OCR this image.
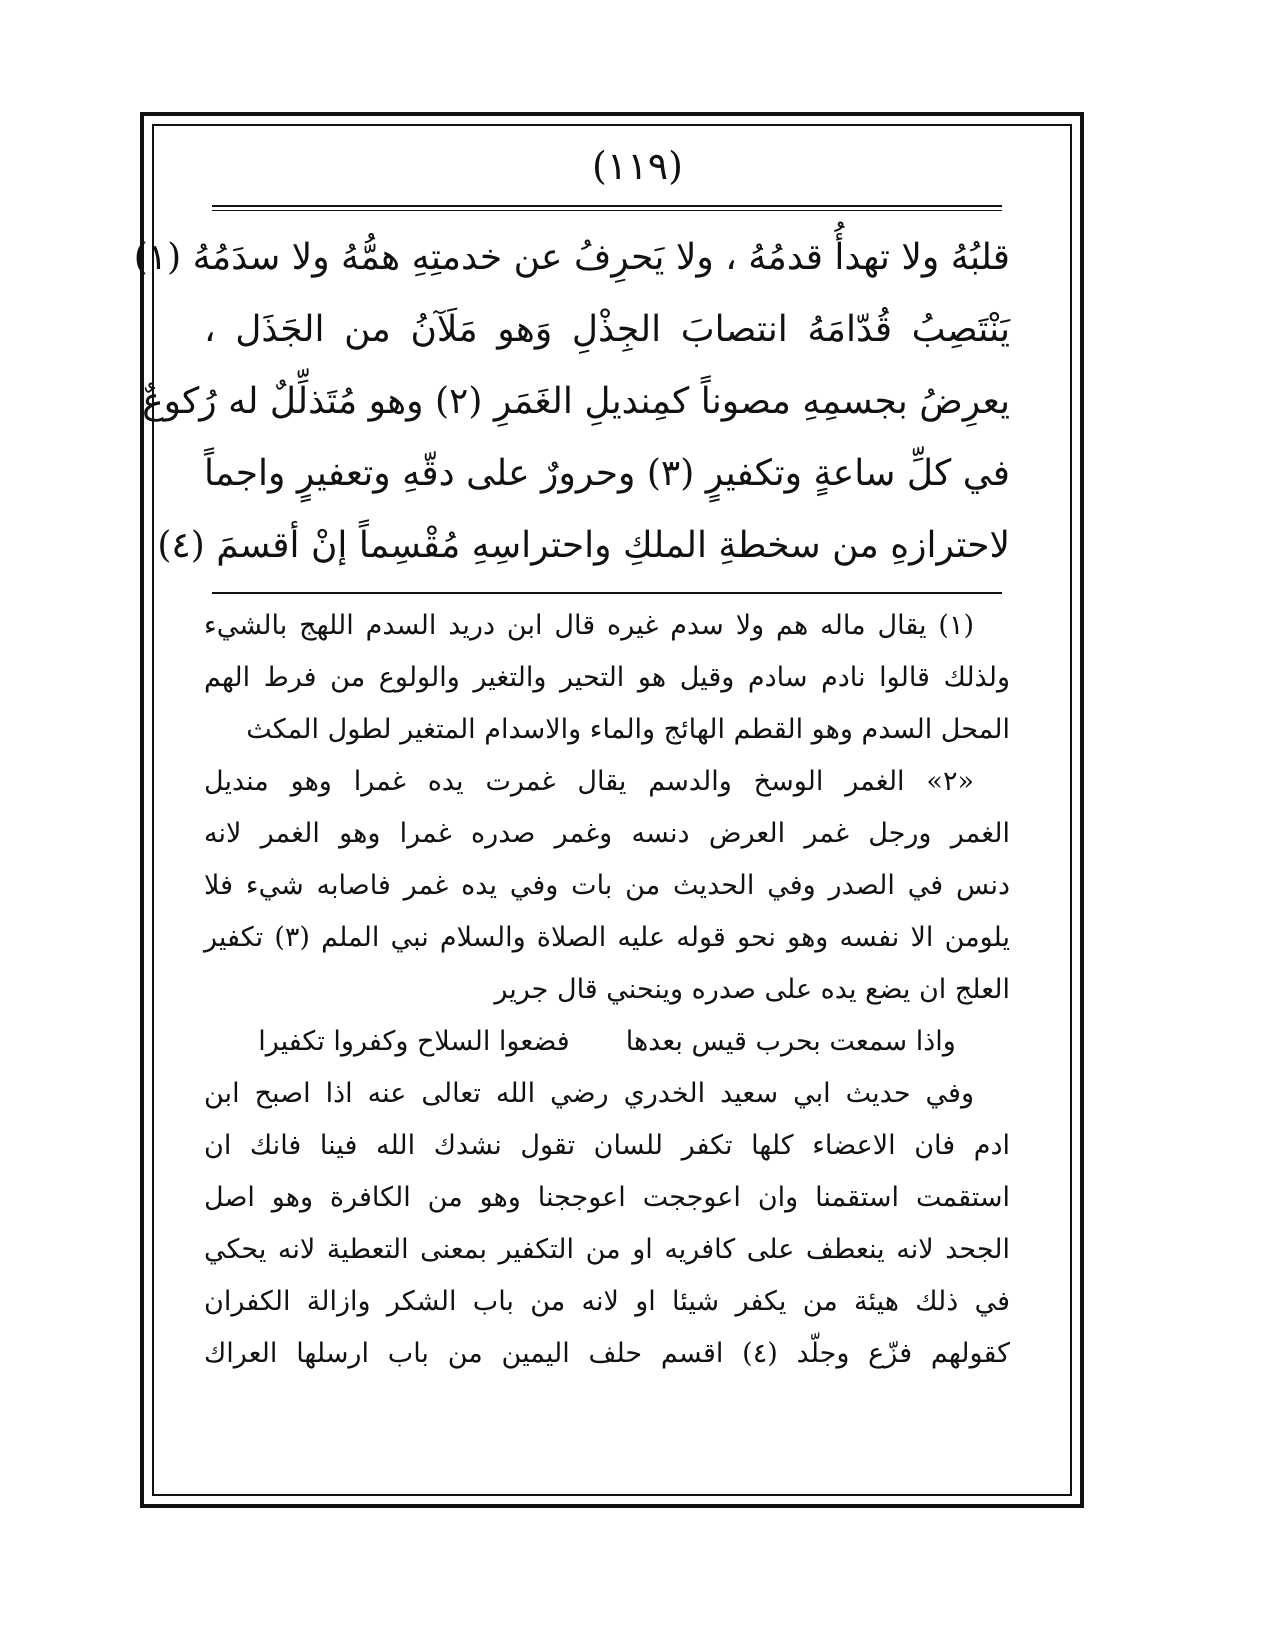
(١١٩)
قلبُهُ ولا تهدأُ قدمُهُ ، ولا يَحرِفُ عن خدمتِهِ همُّهُ ولا سدَمُهُ (١)
يَنْتَصِبُ قُدّامَهُ انتصابَ الجِذْلِ وَهو مَلَآنُ من الجَذَل ،
يعرِضُ بجسمِهِ مصوناً كمِنديلِ الغَمَرِ (٢) وهو مُتَذلِّلٌ له رُكوعٌ
في كلِّ ساعةٍ وتكفيرٍ (٣) وحرورٌ على دقّهِ وتعفيرٍ واجماً
لاحترازهِ من سخطةِ الملكِ واحتراسِهِ مُقْسِماً إنْ أقسمَ (٤)
(١) يقال ماله هم ولا سدم غيره قال ابن دريد السدم اللهج بالشيء
ولذلك قالوا نادم سادم وقيل هو التحير والتغير والولوع من فرط الهم
المحل السدم وهو القطم الهائج والماء والاسدام المتغير لطول المكث
«٢» الغمر الوسخ والدسم يقال غمرت يده غمرا وهو منديل
الغمر ورجل غمر العرض دنسه وغمر صدره غمرا وهو الغمر لانه
دنس في الصدر وفي الحديث من بات وفي يده غمر فاصابه شيء فلا
يلومن الا نفسه وهو نحو قوله عليه الصلاة والسلام نبي الملم (٣) تكفير
العلج ان يضع يده على صدره وينحني قال جرير
واذا سمعت بحرب قيس بعدهافضعوا السلاح وكفروا تكفيرا
وفي حديث ابي سعيد الخدري رضي الله تعالى عنه اذا اصبح ابن
ادم فان الاعضاء كلها تكفر للسان تقول نشدك الله فينا فانك ان
استقمت استقمنا وان اعوججت اعوججنا وهو من الكافرة وهو اصل
الجحد لانه ينعطف على كافريه او من التكفير بمعنى التعطية لانه يحكي
في ذلك هيئة من يكفر شيئا او لانه من باب الشكر وازالة الكفران
كقولهم فزّع وجلّد (٤) اقسم حلف اليمين من باب ارسلها العراك
